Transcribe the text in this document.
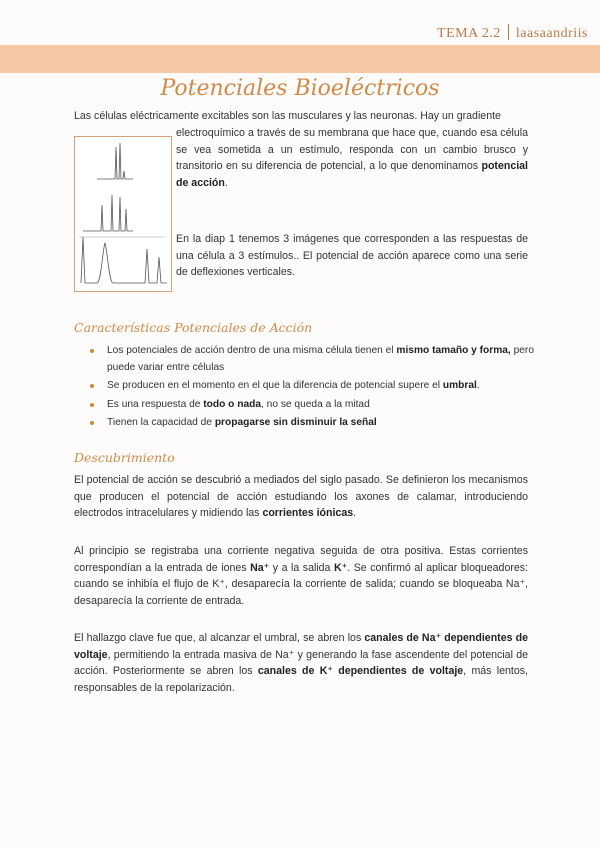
TEMA 2.2 laasaandriis
Potenciales Bioeléctricos
Las células eléctricamente excitables son las musculares y las neuronas. Hay un gradiente
electroquímico a través de su membrana que hace que, cuando esa célula se vea sometida a un estímulo, responda con un cambio brusco y transitorio en su diferencia de potencial, a lo que denominamos potencial de acción.
En la diap 1 tenemos 3 imágenes que corresponden a las respuestas de una célula a 3 estímulos.. El potencial de acción aparece como una serie de deflexiones verticales.
Características Potenciales de Acción
Los potenciales de acción dentro de una misma célula tienen el mismo tamaño y forma, pero puede variar entre células
Se producen en el momento en el que la diferencia de potencial supere el umbral.
Es una respuesta de todo o nada, no se queda a la mitad
Tienen la capacidad de propagarse sin disminuir la señal
Descubrimiento
El potencial de acción se descubrió a mediados del siglo pasado. Se definieron los mecanismos que producen el potencial de acción estudiando los axones de calamar, introduciendo electrodos intracelulares y midiendo las corrientes iónicas.
Al principio se registraba una corriente negativa seguida de otra positiva. Estas corrientes correspondían a la entrada de iones Na⁺ y a la salida K⁺. Se confirmó al aplicar bloqueadores: cuando se inhibía el flujo de K⁺, desaparecía la corriente de salida; cuando se bloqueaba Na⁺, desaparecía la corriente de entrada.
El hallazgo clave fue que, al alcanzar el umbral, se abren los canales de Na⁺ dependientes de voltaje, permitiendo la entrada masiva de Na⁺ y generando la fase ascendente del potencial de acción. Posteriormente se abren los canales de K⁺ dependientes de voltaje, más lentos, responsables de la repolarización.
